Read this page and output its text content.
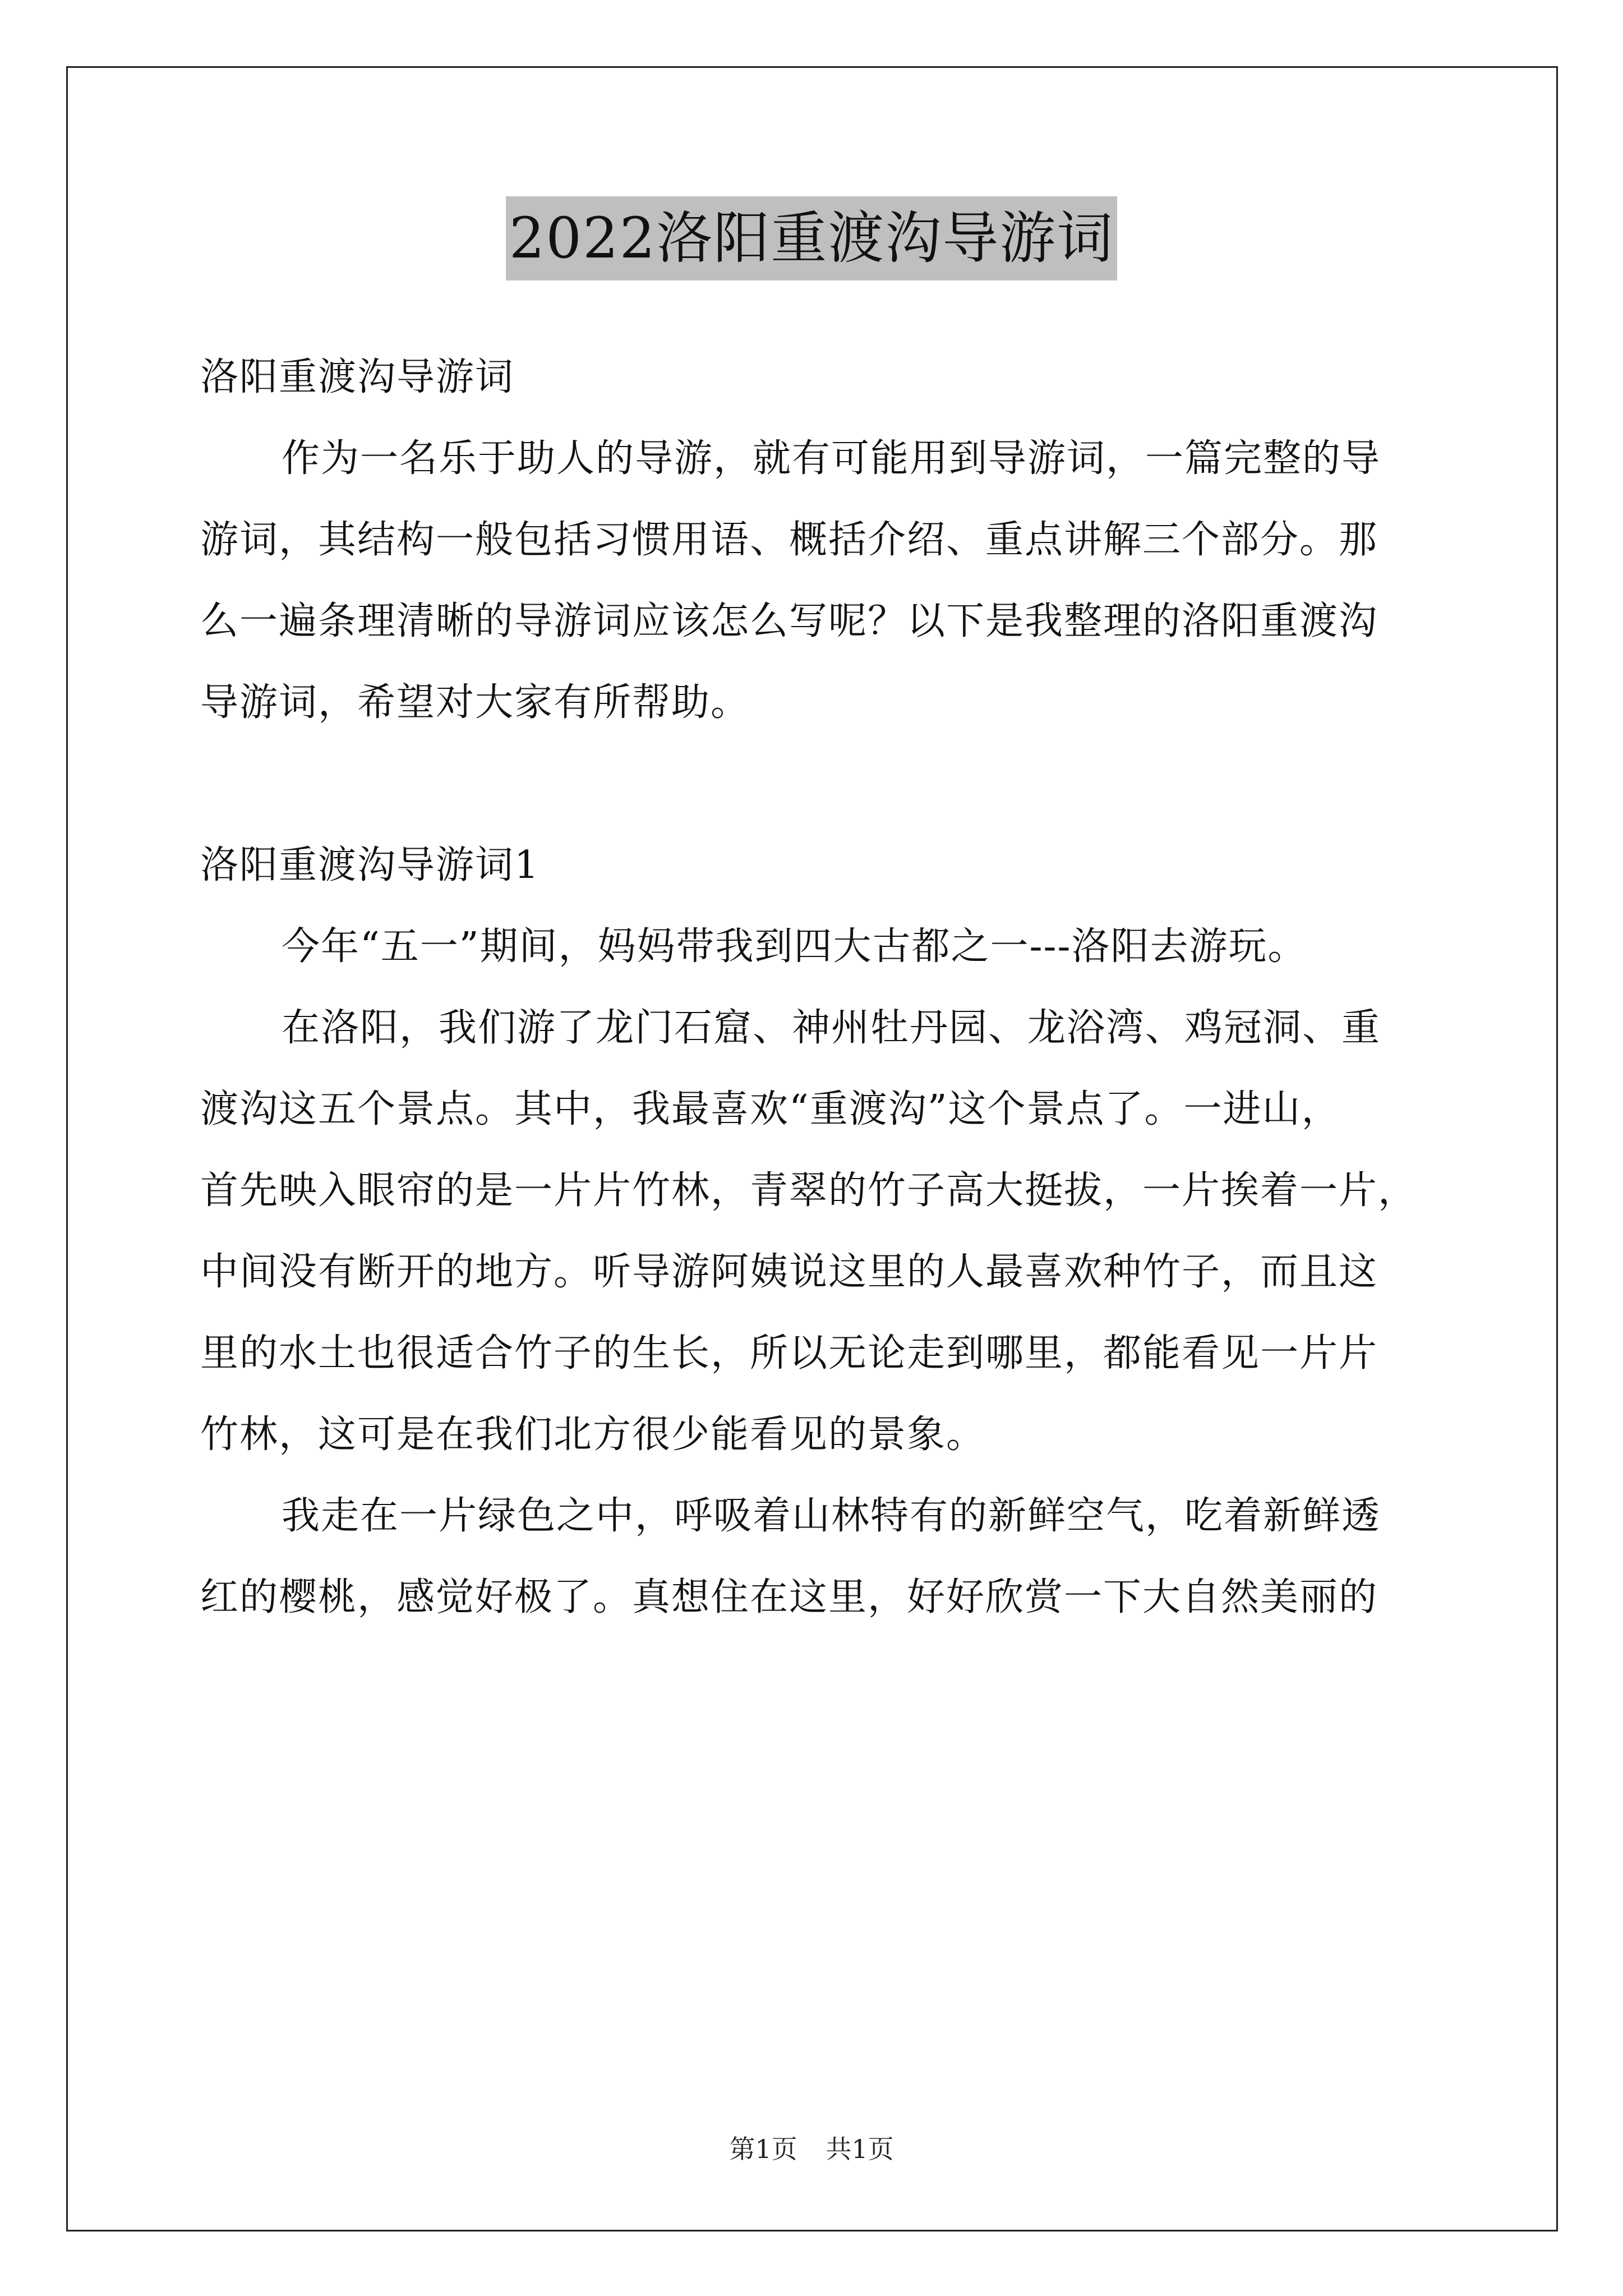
2022洛阳重渡沟导游词
洛阳重渡沟导游词
作为一名乐于助人的导游，就有可能用到导游词，一篇完整的导
游词，其结构一般包括习惯用语、概括介绍、重点讲解三个部分。那
么一遍条理清晰的导游词应该怎么写呢？以下是我整理的洛阳重渡沟
导游词，希望对大家有所帮助。
洛阳重渡沟导游词1
今年“五一”期间，妈妈带我到四大古都之一---洛阳去游玩。
在洛阳，我们游了龙门石窟、神州牡丹园、龙浴湾、鸡冠洞、重
渡沟这五个景点。其中，我最喜欢“重渡沟”这个景点了。一进山，
首先映入眼帘的是一片片竹林，青翠的竹子高大挺拔，一片挨着一片，
中间没有断开的地方。听导游阿姨说这里的人最喜欢种竹子，而且这
里的水土也很适合竹子的生长，所以无论走到哪里，都能看见一片片
竹林，这可是在我们北方很少能看见的景象。
我走在一片绿色之中，呼吸着山林特有的新鲜空气，吃着新鲜透
红的樱桃，感觉好极了。真想住在这里，好好欣赏一下大自然美丽的
第1页 共1页
